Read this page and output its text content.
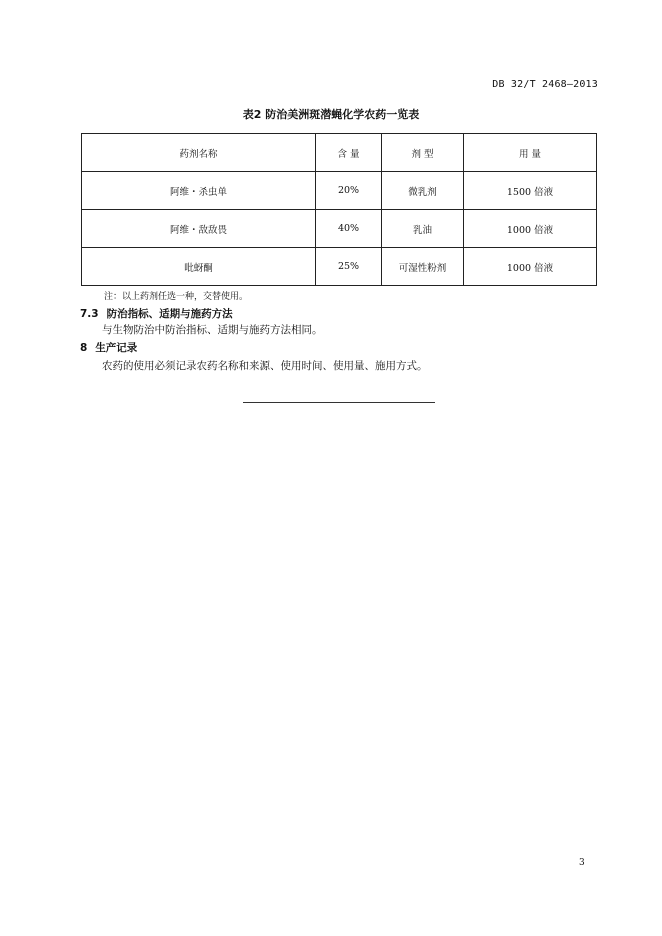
DB 32/T 2468—2013
表2 防治美洲斑潜蝇化学农药一览表
药剂名称	含 量	剂 型	用 量
阿维・杀虫单	20%	微乳剂	1500 倍液
阿维・敌敌畏	40%	乳油	1000 倍液
吡蚜酮	25%	可湿性粉剂	1000 倍液
注：以上药剂任选一种，交替使用。
7.3 防治指标、适期与施药方法
与生物防治中防治指标、适期与施药方法相同。
8 生产记录
农药的使用必须记录农药名称和来源、使用时间、使用量、施用方式。
3
